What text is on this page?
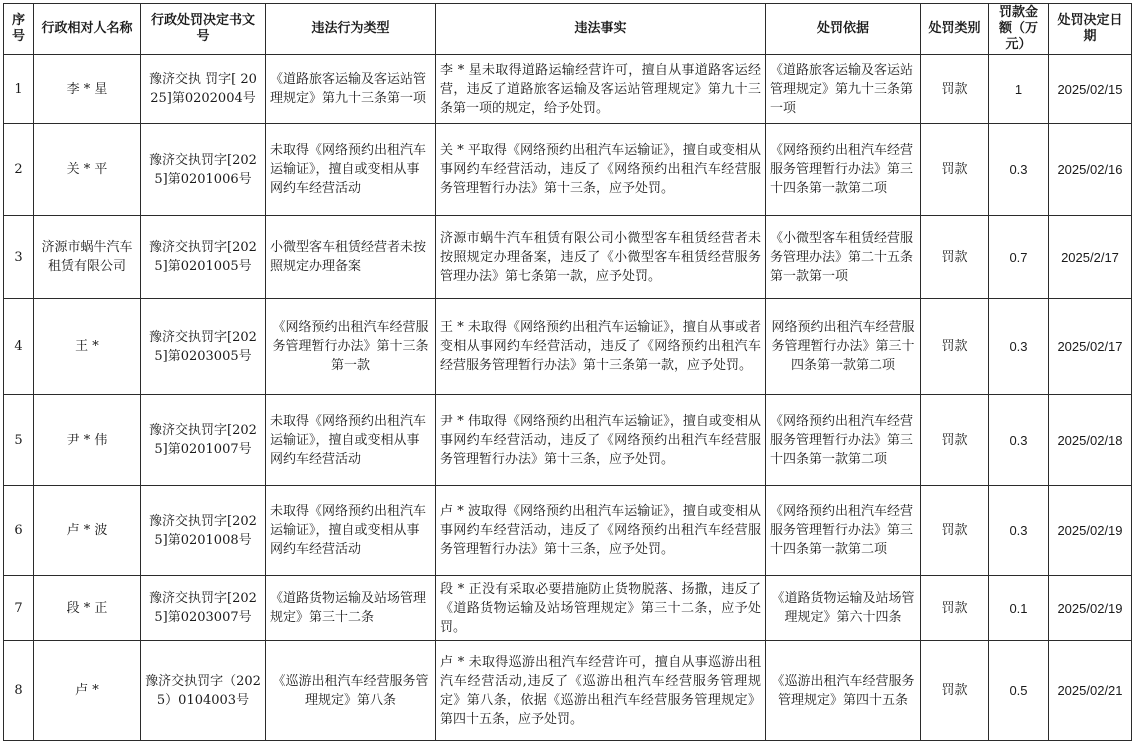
序号	行政相对人名称	行政处罚决定书文号	违法行为类型	违法事实	处罚依据	处罚类别	罚款金额（万元）	处罚决定日期
1	李 * 星	豫济交执 罚字[ 2025]第0202004号	《道路旅客运输及客运站管理规定》第九十三条第一项	李 * 星未取得道路运输经营许可，擅自从事道路客运经营，违反了道路旅客运输及客运站管理规定》第九十三条第一项的规定，给予处罚。	《道路旅客运输及客运站管理规定》第九十三条第一项	罚款	1	2025/02/15
2	关 * 平	豫济交执罚字[2025]第0201006号	未取得《网络预约出租汽车运输证》，擅自或变相从事网约车经营活动	关 * 平取得《网络预约出租汽车运输证》，擅自或变相从事网约车经营活动，违反了《网络预约出租汽车经营服务管理暂行办法》第十三条，应予处罚。	《网络预约出租汽车经营服务管理暂行办法》第三十四条第一款第二项	罚款	0.3	2025/02/16
3	济源市蜗牛汽车租赁有限公司	豫济交执罚字[2025]第0201005号	小微型客车租赁经营者未按照规定办理备案	济源市蜗牛汽车租赁有限公司小微型客车租赁经营者未按照规定办理备案，违反了《小微型客车租赁经营服务管理办法》第七条第一款，应予处罚。	《小微型客车租赁经营服务管理办法》第二十五条第一款第一项	罚款	0.7	2025/2/17
4	王 *	豫济交执罚字[2025]第0203005号	《网络预约出租汽车经营服务管理暂行办法》第十三条第一款	王 * 未取得《网络预约出租汽车运输证》，擅自从事或者变相从事网约车经营活动，违反了《网络预约出租汽车经营服务管理暂行办法》第十三条第一款，应予处罚。	网络预约出租汽车经营服务管理暂行办法》第三十四条第一款第二项	罚款	0.3	2025/02/17
5	尹 * 伟	豫济交执罚字[2025]第0201007号	未取得《网络预约出租汽车运输证》，擅自或变相从事网约车经营活动	尹 * 伟取得《网络预约出租汽车运输证》，擅自或变相从事网约车经营活动，违反了《网络预约出租汽车经营服务管理暂行办法》第十三条，应予处罚。	《网络预约出租汽车经营服务管理暂行办法》第三十四条第一款第二项	罚款	0.3	2025/02/18
6	卢 * 波	豫济交执罚字[2025]第0201008号	未取得《网络预约出租汽车运输证》，擅自或变相从事网约车经营活动	卢 * 波取得《网络预约出租汽车运输证》，擅自或变相从事网约车经营活动，违反了《网络预约出租汽车经营服务管理暂行办法》第十三条，应予处罚。	《网络预约出租汽车经营服务管理暂行办法》第三十四条第一款第二项	罚款	0.3	2025/02/19
7	段 * 正	豫济交执罚字[2025]第0203007号	《道路货物运输及站场管理规定》第三十二条	段 * 正没有采取必要措施防止货物脱落、扬撒，违反了《道路货物运输及站场管理规定》第三十二条，应予处罚。	《道路货物运输及站场管理规定》第六十四条	罚款	0.1	2025/02/19
8	卢 *	豫济交执罚字（2025）0104003号	《巡游出租汽车经营服务管理规定》第八条	卢 * 未取得巡游出租汽车经营许可，擅自从事巡游出租汽车经营活动,违反了《巡游出租汽车经营服务管理规定》第八条，依据《巡游出租汽车经营服务管理规定》第四十五条，应予处罚。	《巡游出租汽车经营服务管理规定》第四十五条	罚款	0.5	2025/02/21
